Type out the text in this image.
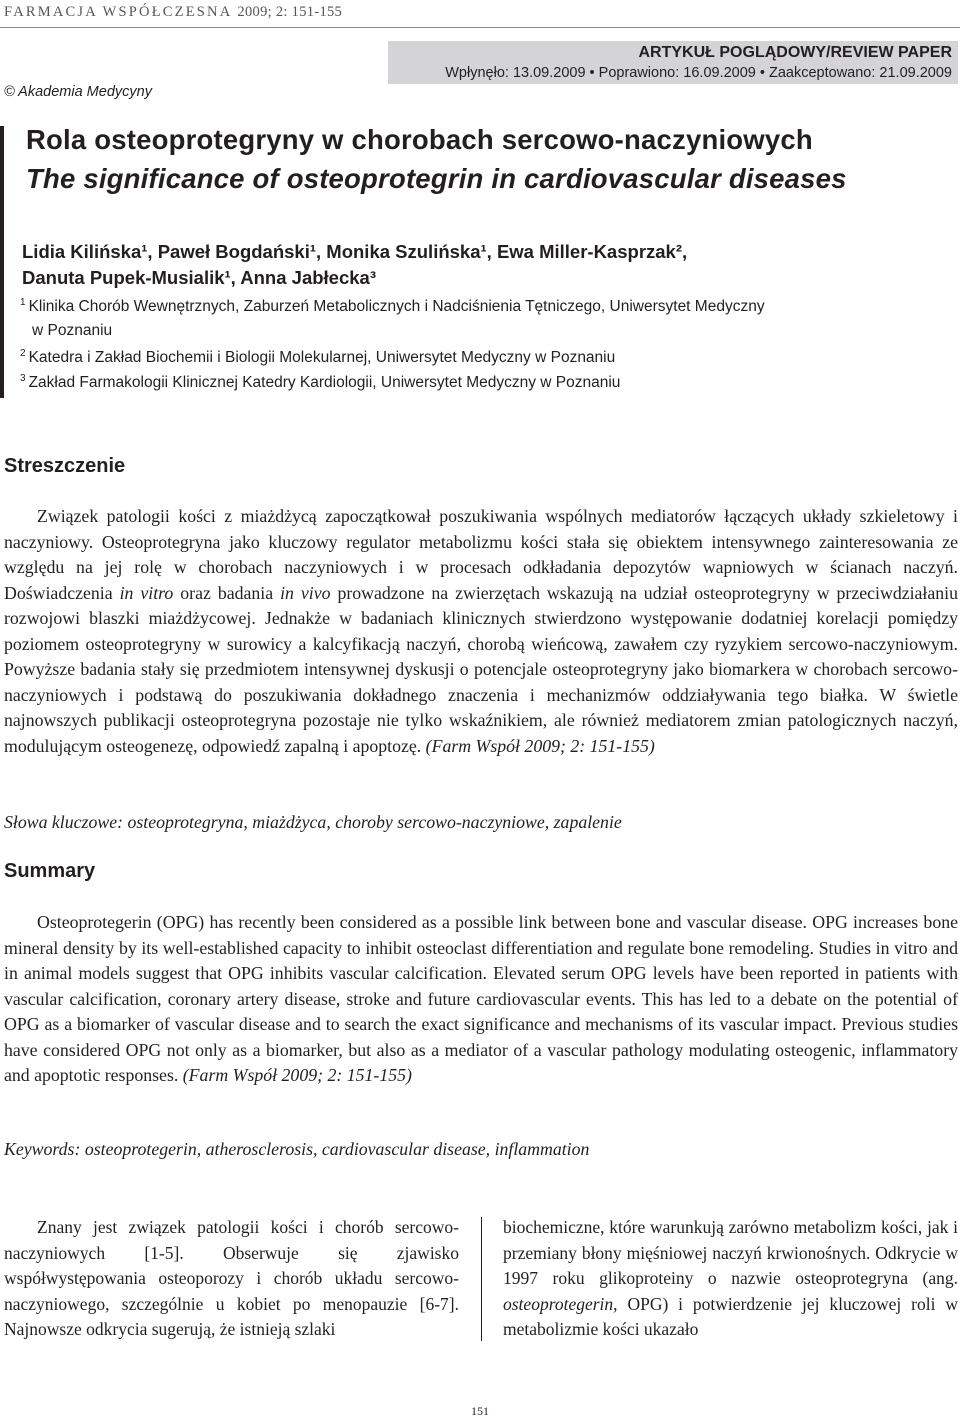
FARMACJA WSPÓŁCZESNA 2009; 2: 151-155
ARTYKUŁ POGLĄDOWY/REVIEW PAPER
Wpłynęło: 13.09.2009 • Poprawiono: 16.09.2009 • Zaakceptowano: 21.09.2009
© Akademia Medycyny
Rola osteoprotegryny w chorobach sercowo-naczyniowych
The significance of osteoprotegrin in cardiovascular diseases
Lidia Kilińska¹, Paweł Bogdański¹, Monika Szulińska¹, Ewa Miller-Kasprzak²,
Danuta Pupek-Musialik¹, Anna Jabłecka³
$^1$ Klinika Chorób Wewnętrznych, Zaburzeń Metabolicznych i Nadciśnienia Tętniczego, Uniwersytet Medyczny
w Poznaniu
$^2$ Katedra i Zakład Biochemii i Biologii Molekularnej, Uniwersytet Medyczny w Poznaniu
$^3$ Zakład Farmakologii Klinicznej Katedry Kardiologii, Uniwersytet Medyczny w Poznaniu
Streszczenie

Związek patologii kości z miażdżycą zapoczątkował poszukiwania wspólnych mediatorów łączących układy szkieletowy i naczyniowy. Osteoprotegryna jako kluczowy regulator metabolizmu kości stała się obiektem intensywnego zainteresowania ze względu na jej rolę w chorobach naczyniowych i w procesach odkładania depozytów wapniowych w ścianach naczyń. Doświadczenia in vitro oraz badania in vivo prowadzone na zwierzętach wskazują na udział osteoprotegryny w przeciwdziałaniu rozwojowi blaszki miażdżycowej. Jednakże w badaniach klinicznych stwierdzono występowanie dodatniej korelacji pomiędzy poziomem osteoprotegryny w surowicy a kalcyfikacją naczyń, chorobą wieńcową, zawałem czy ryzykiem sercowo-naczyniowym. Powyższe badania stały się przedmiotem intensywnej dyskusji o potencjale osteoprotegryny jako biomarkera w chorobach sercowo-naczyniowych i podstawą do poszukiwania dokładnego znaczenia i mechanizmów oddziaływania tego białka. W świetle najnowszych publikacji osteoprotegryna pozostaje nie tylko wskaźnikiem, ale również mediatorem zmian patologicznych naczyń, modulującym osteogenezę, odpowiedź zapalną i apoptozę. (Farm Współ 2009; 2: 151-155)

Słowa kluczowe: osteoprotegryna, miażdżyca, choroby sercowo-naczyniowe, zapalenie
Summary

Osteoprotegerin (OPG) has recently been considered as a possible link between bone and vascular disease. OPG increases bone mineral density by its well-established capacity to inhibit osteoclast differentiation and regulate bone remodeling. Studies in vitro and in animal models suggest that OPG inhibits vascular calcification. Elevated serum OPG levels have been reported in patients with vascular calcification, coronary artery disease, stroke and future cardiovascular events. This has led to a debate on the potential of OPG as a biomarker of vascular disease and to search the exact significance and mechanisms of its vascular impact. Previous studies have considered OPG not only as a biomarker, but also as a mediator of a vascular pathology modulating osteogenic, inflammatory and apoptotic responses. (Farm Współ 2009; 2: 151-155)

Keywords: osteoprotegerin, atherosclerosis, cardiovascular disease, inflammation

Znany jest związek patologii kości i chorób sercowo-naczyniowych [1-5]. Obserwuje się zjawisko współwystępowania osteoporozy i chorób układu sercowo-naczyniowego, szczególnie u kobiet po menopauzie [6-7]. Najnowsze odkrycia sugerują, że istnieją szlaki

biochemiczne, które warunkują zarówno metabolizm kości, jak i przemiany błony mięśniowej naczyń krwionośnych. Odkrycie w 1997 roku glikoproteiny o nazwie osteoprotegryna (ang. osteoprotegerin, OPG) i potwierdzenie jej kluczowej roli w metabolizmie kości ukazało

151
